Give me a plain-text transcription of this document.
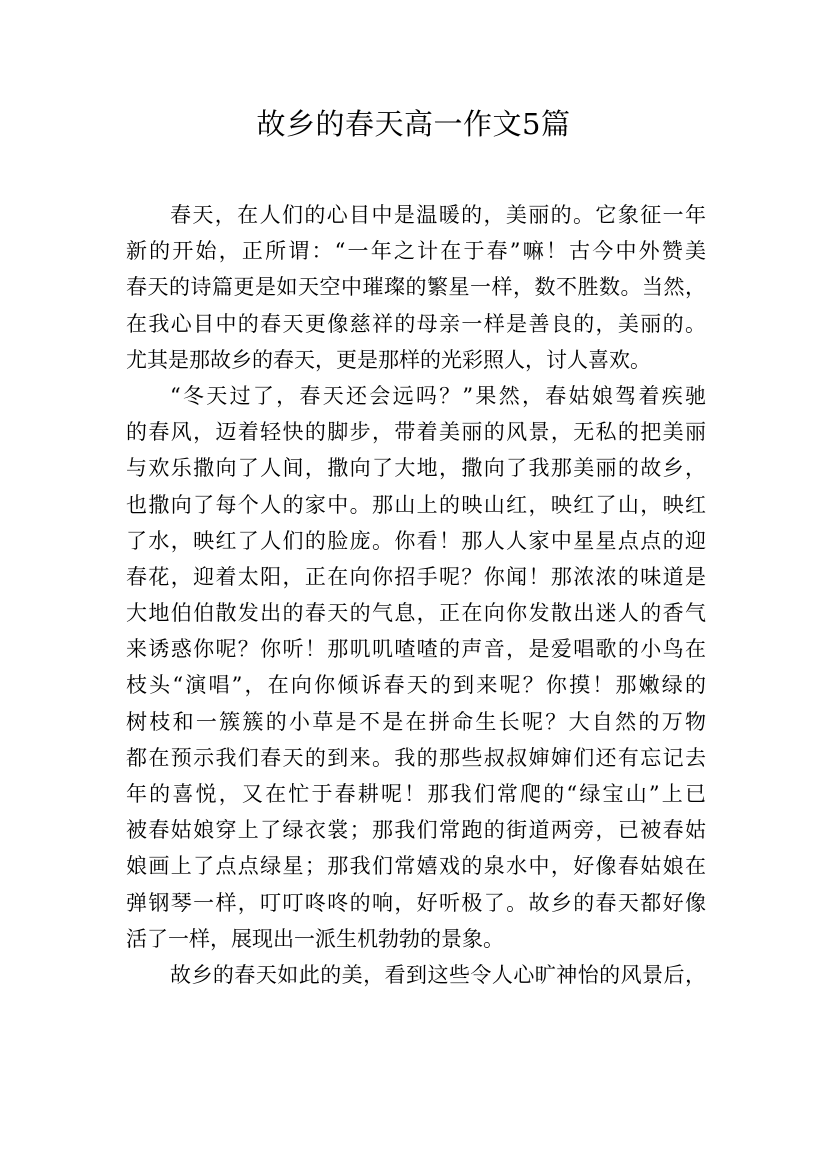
故乡的春天高一作文5篇
春天，在人们的心目中是温暖的，美丽的。它象征一年
新的开始，正所谓：“一年之计在于春”嘛！古今中外赞美
春天的诗篇更是如天空中璀璨的繁星一样，数不胜数。当然，
在我心目中的春天更像慈祥的母亲一样是善良的，美丽的。
尤其是那故乡的春天，更是那样的光彩照人，讨人喜欢。
“冬天过了，春天还会远吗？”果然，春姑娘驾着疾驰
的春风，迈着轻快的脚步，带着美丽的风景，无私的把美丽
与欢乐撒向了人间，撒向了大地，撒向了我那美丽的故乡，
也撒向了每个人的家中。那山上的映山红，映红了山，映红
了水，映红了人们的脸庞。你看！那人人家中星星点点的迎
春花，迎着太阳，正在向你招手呢？你闻！那浓浓的味道是
大地伯伯散发出的春天的气息，正在向你发散出迷人的香气
来诱惑你呢？你听！那叽叽喳喳的声音，是爱唱歌的小鸟在
枝头“演唱”，在向你倾诉春天的到来呢？你摸！那嫩绿的
树枝和一簇簇的小草是不是在拼命生长呢？大自然的万物
都在预示我们春天的到来。我的那些叔叔婶婶们还有忘记去
年的喜悦，又在忙于春耕呢！那我们常爬的“绿宝山”上已
被春姑娘穿上了绿衣裳；那我们常跑的街道两旁，已被春姑
娘画上了点点绿星；那我们常嬉戏的泉水中，好像春姑娘在
弹钢琴一样，叮叮咚咚的响，好听极了。故乡的春天都好像
活了一样，展现出一派生机勃勃的景象。
故乡的春天如此的美，看到这些令人心旷神怡的风景后，
